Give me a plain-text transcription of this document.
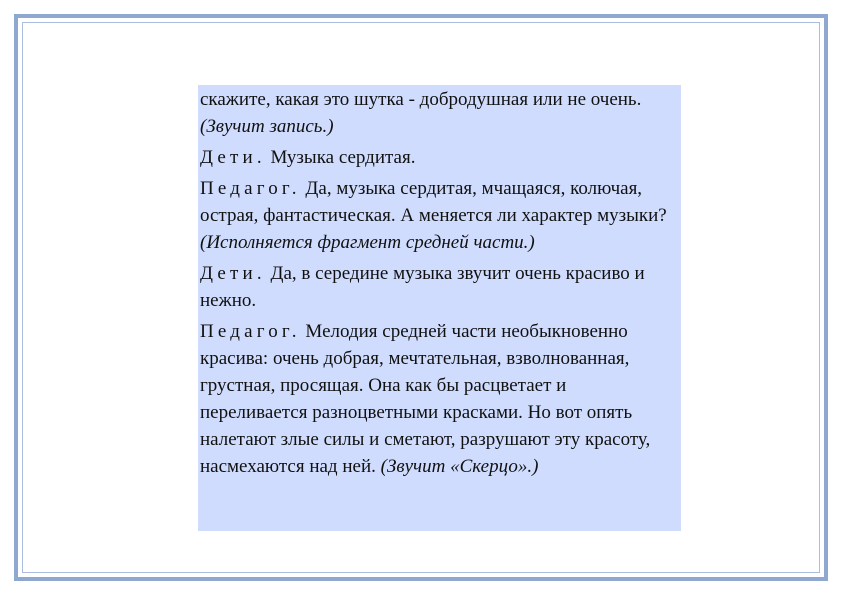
скажите, какая это шутка - добродушная или не очень. (Звучит запись.)

Дети. Музыка сердитая.

Педагог. Да, музыка сердитая, мчащаяся, колючая, острая, фантастическая. А меняется ли характер музыки? (Исполняется фрагмент средней части.)

Дети. Да, в середине музыка звучит очень красиво и нежно.

Педагог. Мелодия средней части необыкновенно красива: очень добрая, мечтательная, взволнованная, грустная, просящая. Она как бы расцветает и переливается разноцветными красками. Но вот опять налетают злые силы и сметают, разрушают эту красоту, насмехаются над ней. (Звучит «Скерцо».)
